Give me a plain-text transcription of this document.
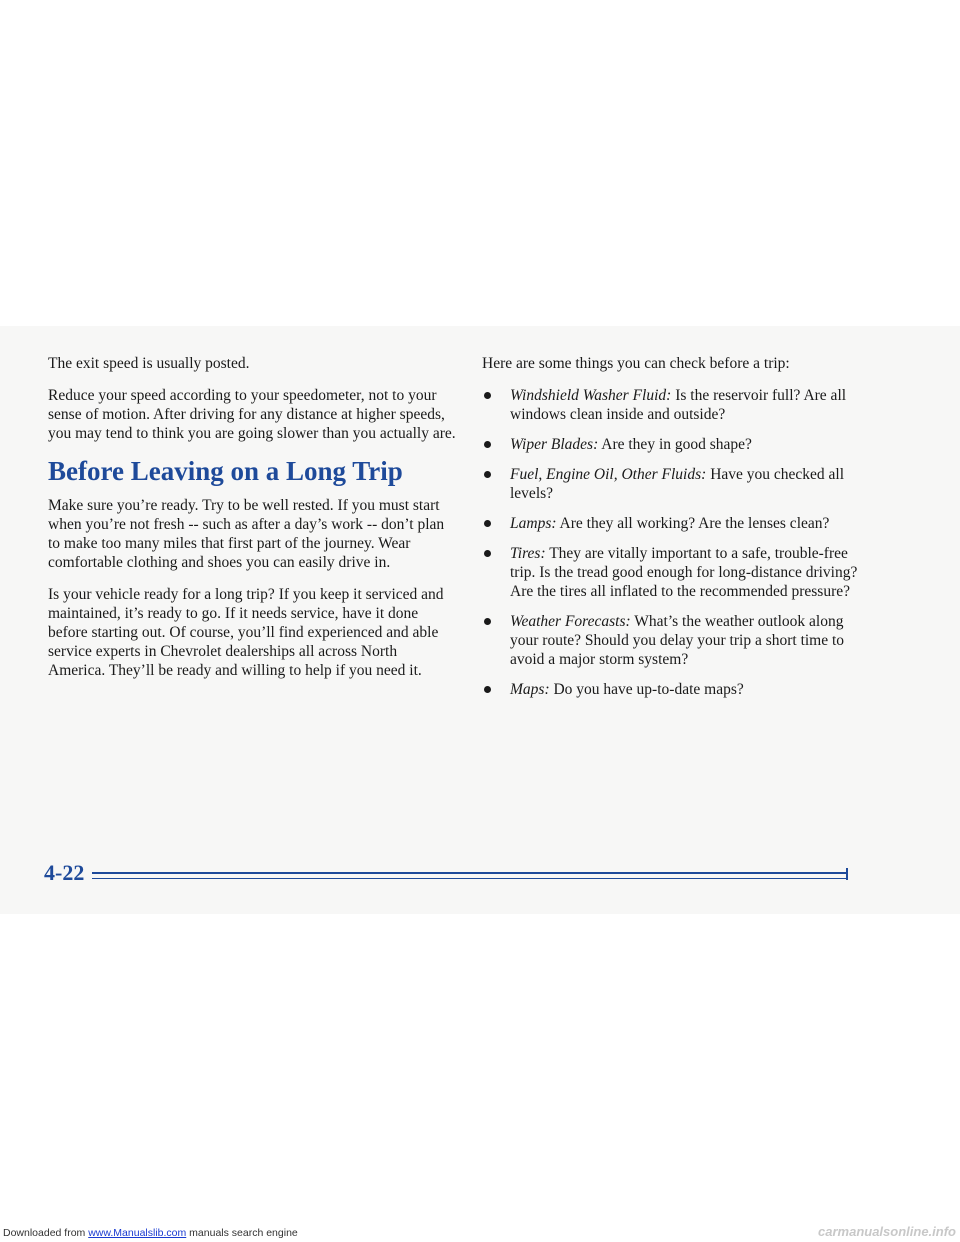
The exit speed is usually posted.

Reduce your speed according to your speedometer, not to your sense of motion. After driving for any distance at higher speeds, you may tend to think you are going slower than you actually are.

Before Leaving on a Long Trip

Make sure you’re ready. Try to be well rested. If you must start when you’re not fresh -- such as after a day’s work -- don’t plan to make too many miles that first part of the journey. Wear comfortable clothing and shoes you can easily drive in.

Is your vehicle ready for a long trip? If you keep it serviced and maintained, it’s ready to go. If it needs service, have it done before starting out. Of course, you’ll find experienced and able service experts in Chevrolet dealerships all across North America. They’ll be ready and willing to help if you need it.

Here are some things you can check before a trip:

Windshield Washer Fluid: Is the reservoir full? Are all windows clean inside and outside?
Wiper Blades: Are they in good shape?
Fuel, Engine Oil, Other Fluids: Have you checked all levels?
Lamps: Are they all working? Are the lenses clean?
Tires: They are vitally important to a safe, trouble-free trip. Is the tread good enough for long-distance driving? Are the tires all inflated to the recommended pressure?
Weather Forecasts: What’s the weather outlook along your route? Should you delay your trip a short time to avoid a major storm system?
Maps: Do you have up-to-date maps?
4-22
Downloaded from www.Manualslib.com manuals search engine	carmanualsonline.info
